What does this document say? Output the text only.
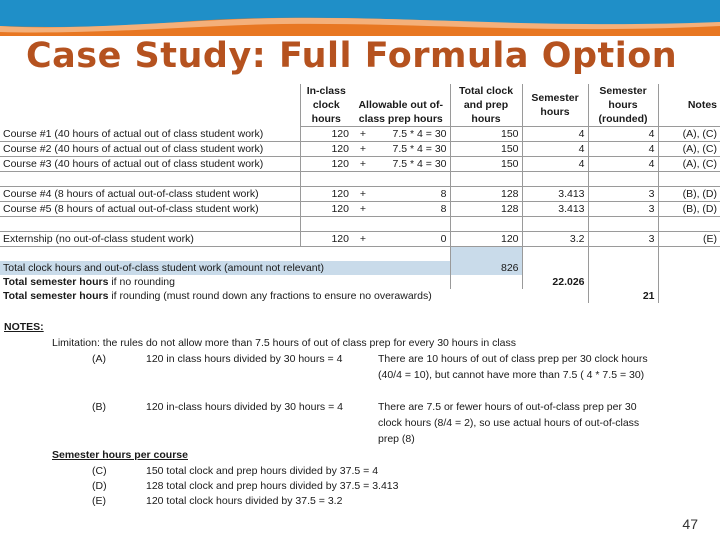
Case Study: Full Formula Option
	In-class clock hours	Allowable out of-class prep hours		Total clock and prep hours	Semester hours	Semester hours (rounded)	Notes
Course #1 (40 hours of actual out of class student work)	120	+	7.5 * 4 = 30	150	4	4	(A), (C)
Course #2 (40 hours of actual out of class student work)	120	+	7.5 * 4 = 30	150	4	4	(A), (C)
Course #3 (40 hours of actual out of class student work)	120	+	7.5 * 4 = 30	150	4	4	(A), (C)

Course #4 (8 hours of actual out-of-class student work)	120	+	8	128	3.413	3	(B), (D)
Course #5 (8 hours of actual out-of-class student work)	120	+	8	128	3.413	3	(B), (D)

Externship (no out-of-class student work)	120	+	0	120	3.2	3	(E)

Total clock hours and out-of-class student work (amount not relevant)				826			
Total semester hours if no rounding					22.026		
Total semester hours if rounding (must round down any fractions to ensure no overawards)						21	
NOTES:
Limitation: the rules do not allow more than 7.5 hours of out of class prep for every 30 hours in class
(A)	120 in class hours divided by 30 hours = 4	There are 10 hours of out of class prep per 30 clock hours
(40/4 = 10), but cannot have more than 7.5 ( 4 * 7.5 = 30)
(B)	120 in-class hours divided by 30 hours = 4	There are 7.5 or fewer hours of out-of-class prep per 30
clock hours (8/4 = 2), so use actual hours of out-of-class
prep (8)
Semester hours per course
(C)	150 total clock and prep hours divided by 37.5 = 4
(D)	128 total clock and prep hours divided by 37.5 = 3.413
(E)	120 total clock hours divided by 37.5 = 3.2
47
